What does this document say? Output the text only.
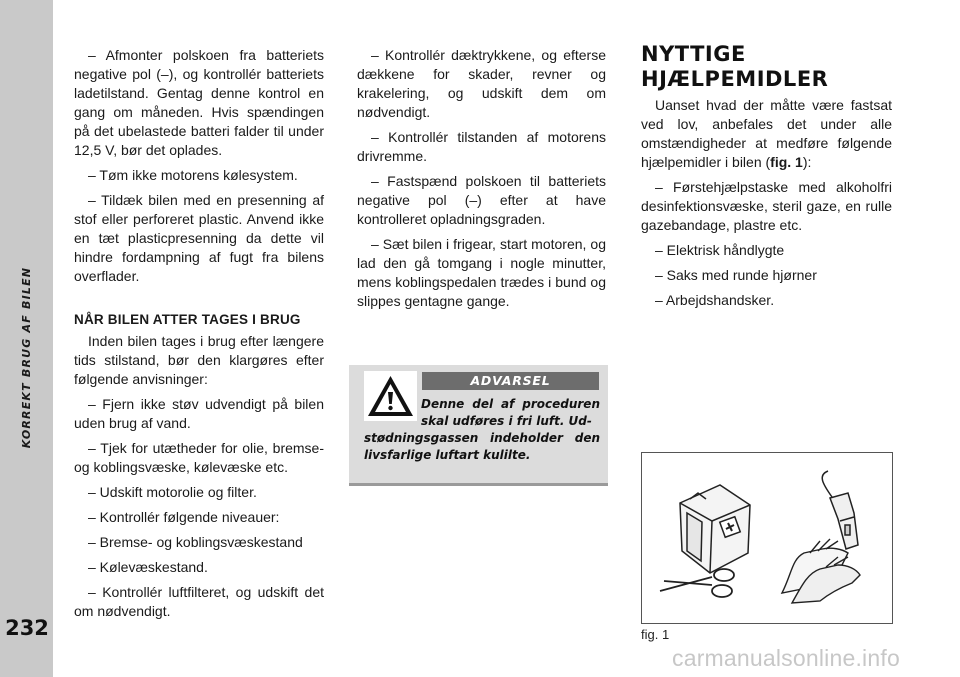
KORREKT BRUG AF BILEN
232

– Afmonter polskoen fra batteriets negative pol (–), og kontrollér batteriets ladetilstand. Gentag denne kontrol en gang om måneden. Hvis spændingen på det ubelastede batteri falder til under 12,5 V, bør det oplades.

– Tøm ikke motorens kølesystem.

– Tildæk bilen med en presenning af stof eller perforeret plastic. Anvend ikke en tæt plasticpresenning da dette vil hindre fordampning af fugt fra bilens overflader.

NÅR BILEN ATTER TAGES I BRUG

Inden bilen tages i brug efter længere tids stilstand, bør den klargøres efter følgende anvisninger:

– Fjern ikke støv udvendigt på bilen uden brug af vand.

– Tjek for utætheder for olie, bremse- og koblingsvæske, kølevæske etc.

– Udskift motorolie og filter.

– Kontrollér følgende niveauer:

– Bremse- og koblingsvæskestand

– Kølevæskestand.

– Kontrollér luftfilteret, og udskift det om nødvendigt.

– Kontrollér dæktrykkene, og efterse dækkene for skader, revner og krakelering, og udskift dem om nødvendigt.

– Kontrollér tilstanden af motorens drivremme.

– Fastspænd polskoen til batteriets negative pol (–) efter at have kontrolleret opladningsgraden.

– Sæt bilen i frigear, start motoren, og lad den gå tomgang i nogle minutter, mens koblingspedalen trædes i bund og slippes gentagne gange.

ADVARSEL
Denne del af proceduren skal udføres i fri luft. Ud-
stødningsgassen indeholder den livsfarlige luftart kulilte.
NYTTIGE
HJÆLPEMIDLER

Uanset hvad der måtte være fastsat ved lov, anbefales det under alle omstændigheder at medføre følgende hjælpemidler i bilen (fig. 1):

– Førstehjælpstaske med alkoholfri desinfektionsvæske, steril gaze, en rulle gazebandage, plastre etc.

– Elektrisk håndlygte

– Saks med runde hjørner

– Arbejdshandsker.

fig. 1
carmanualsonline.info
